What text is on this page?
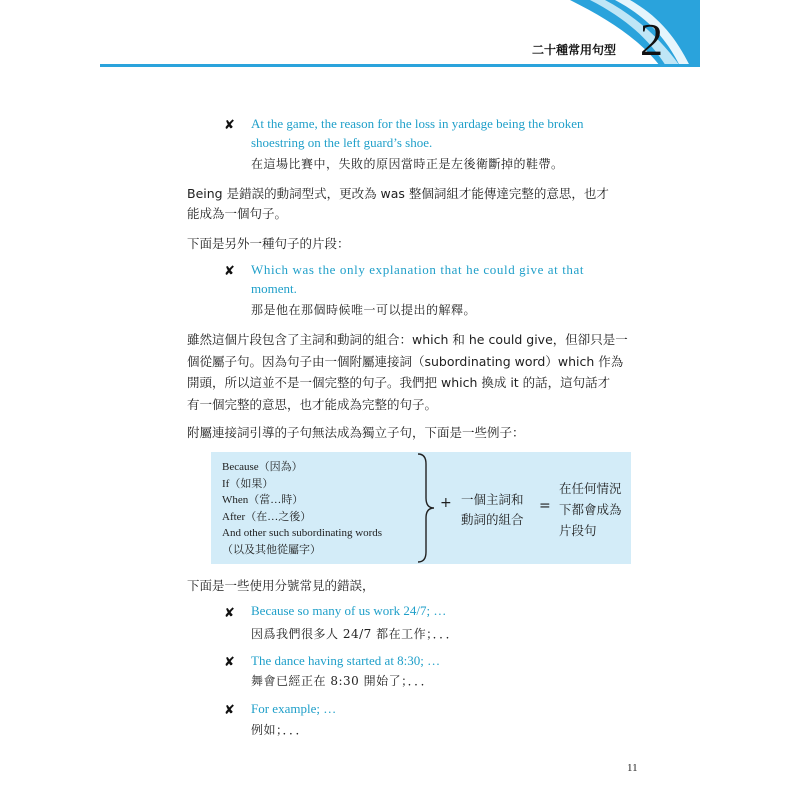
二十種常用句型 2
✘ At the game, the reason for the loss in yardage being the broken
shoestring on the left guard’s shoe.
在這場比賽中，失敗的原因當時正是左後衛斷掉的鞋帶。
Being 是錯誤的動詞型式，更改為 was 整個詞組才能傳達完整的意思，也才
能成為一個句子。
下面是另外一種句子的片段：
✘ Which was the only explanation that he could give at that
moment.
那是他在那個時候唯一可以提出的解釋。
雖然這個片段包含了主詞和動詞的組合：which 和 he could give，但卻只是一
個從屬子句。因為句子由一個附屬連接詞（subordinating word）which 作為
開頭，所以這並不是一個完整的句子。我們把 which 換成 it 的話，這句話才
有一個完整的意思，也才能成為完整的句子。
附屬連接詞引導的子句無法成為獨立子句，下面是一些例子：
Because（因為）
If（如果）
When（當…時）
After（在…之後）
And other such subordinating words
（以及其他從屬字）
+ 一個主詞和
動詞的組合
=
在任何情況
下都會成為
片段句
下面是一些使用分號常見的錯誤，
✘ Because so many of us work 24/7; …
因爲我們很多人 24/7 都在工作；．．．
✘ The dance having started at 8:30; …
舞會已經正在 8:30 開始了；．．．
✘ For example; …
例如；．．．
11
